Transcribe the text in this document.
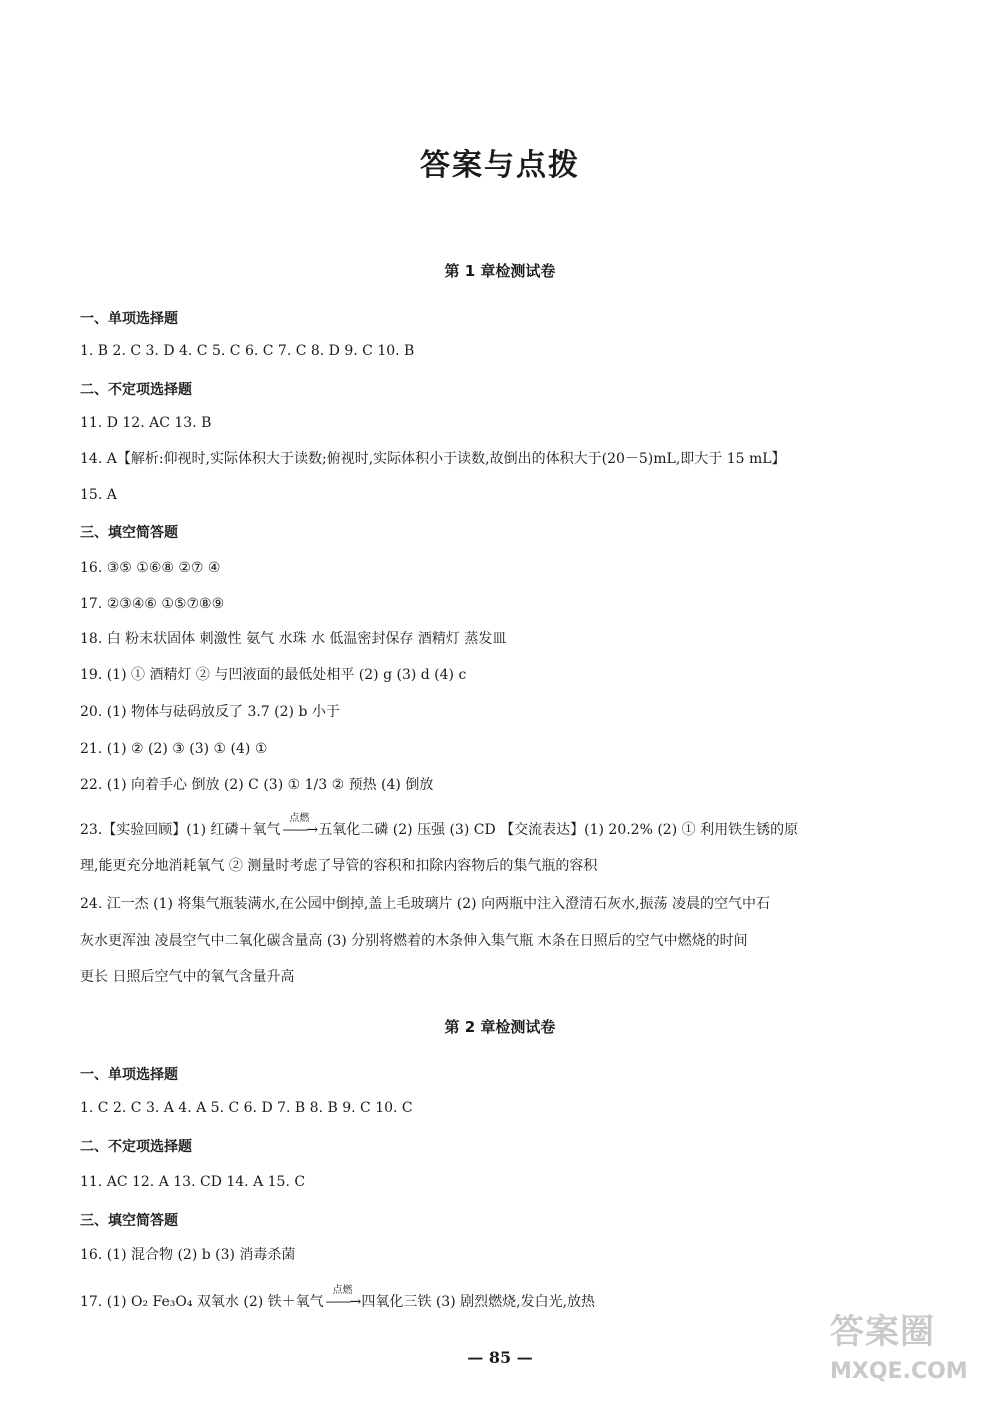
答案与点拨
第 1 章检测试卷
一、单项选择题
1. B 2. C 3. D 4. C 5. C 6. C 7. C 8. D 9. C 10. B
二、不定项选择题
11. D 12. AC 13. B
14. A【解析:仰视时,实际体积大于读数;俯视时,实际体积小于读数,故倒出的体积大于(20－5)mL,即大于 15 mL】
15. A
三、填空简答题
16. ③⑤ ①⑥⑧ ②⑦ ④
17. ②③④⑥ ①⑤⑦⑧⑨
18. 白 粉末状固体 刺激性 氨气 水珠 水 低温密封保存 酒精灯 蒸发皿
19. (1) ① 酒精灯 ② 与凹液面的最低处相平 (2) g (3) d (4) c
20. (1) 物体与砝码放反了 3.7 (2) b 小于
21. (1) ② (2) ③ (3) ① (4) ①
22. (1) 向着手心 倒放 (2) C (3) ① 1/3 ② 预热 (4) 倒放
23.【实验回顾】(1) 红磷＋氧气
点燃
——→ 五氧化二磷 (2) 压强 (3) CD 【交流表达】(1) 20.2% (2) ① 利用铁生锈的原
理,能更充分地消耗氧气 ② 测量时考虑了导管的容积和扣除内容物后的集气瓶的容积
24. 江一杰 (1) 将集气瓶装满水,在公园中倒掉,盖上毛玻璃片 (2) 向两瓶中注入澄清石灰水,振荡 凌晨的空气中石
灰水更浑浊 凌晨空气中二氧化碳含量高 (3) 分别将燃着的木条伸入集气瓶 木条在日照后的空气中燃烧的时间
更长 日照后空气中的氧气含量升高
第 2 章检测试卷
一、单项选择题
1. C 2. C 3. A 4. A 5. C 6. D 7. B 8. B 9. C 10. C
二、不定项选择题
11. AC 12. A 13. CD 14. A 15. C
三、填空简答题
16. (1) 混合物 (2) b (3) 消毒杀菌
17. (1) O₂ Fe₃O₄ 双氧水 (2) 铁＋氧气
点燃
——→ 四氧化三铁 (3) 剧烈燃烧,发白光,放热
— 85 —
答案圈
MXQE.COM
